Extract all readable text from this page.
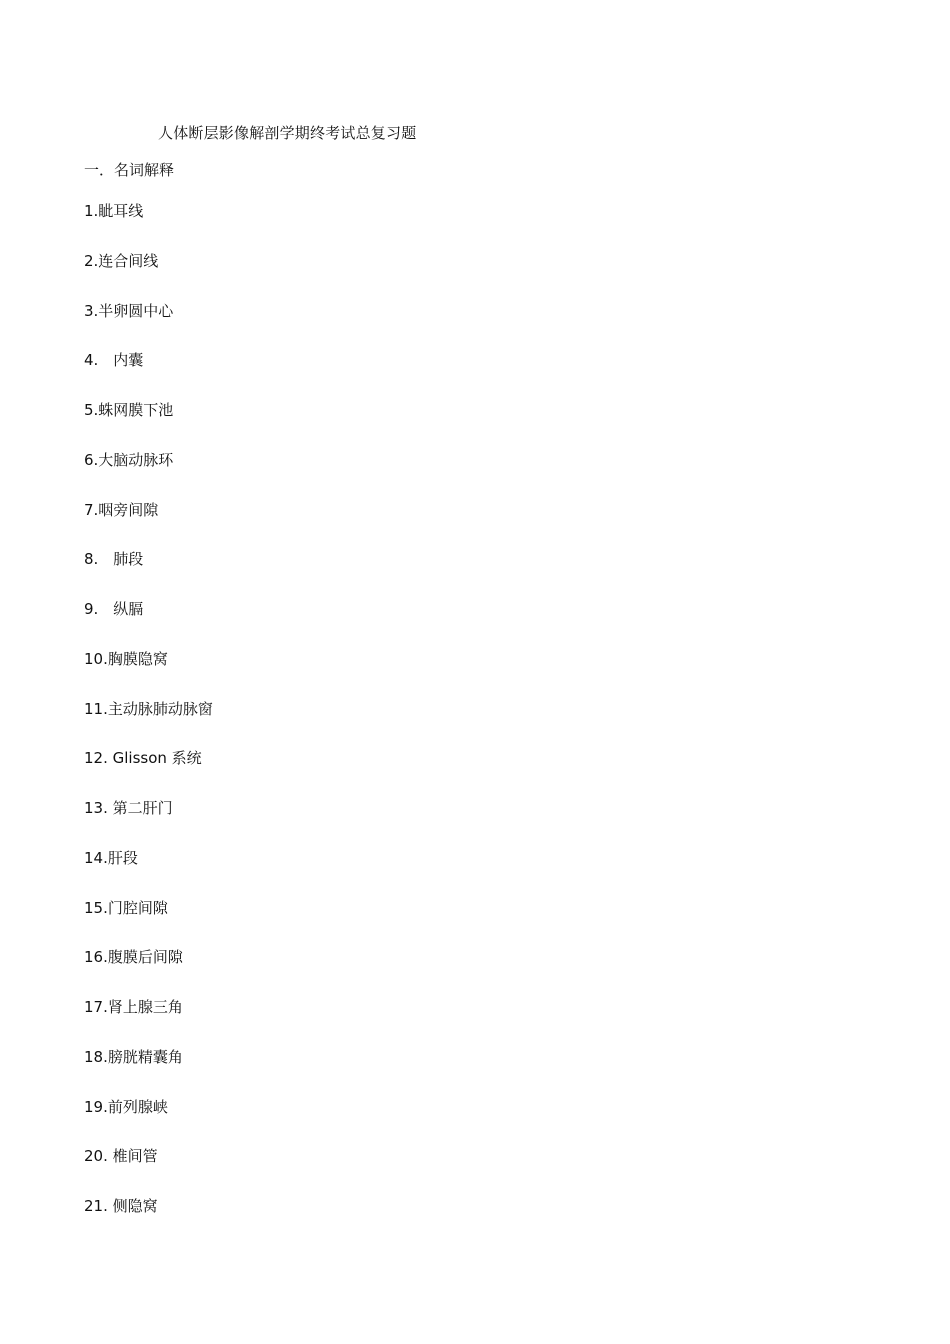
人体断层影像解剖学期终考试总复习题
一．名词解释
1.眦耳线
2.连合间线
3.半卵圆中心
4.　内囊
5.蛛网膜下池
6.大脑动脉环
7.咽旁间隙
8.　肺段
9.　纵膈
10.胸膜隐窝
11.主动脉肺动脉窗
12. Glisson 系统
13. 第二肝门
14.肝段
15.门腔间隙
16.腹膜后间隙
17.肾上腺三角
18.膀胱精囊角
19.前列腺峡
20. 椎间管
21. 侧隐窝
